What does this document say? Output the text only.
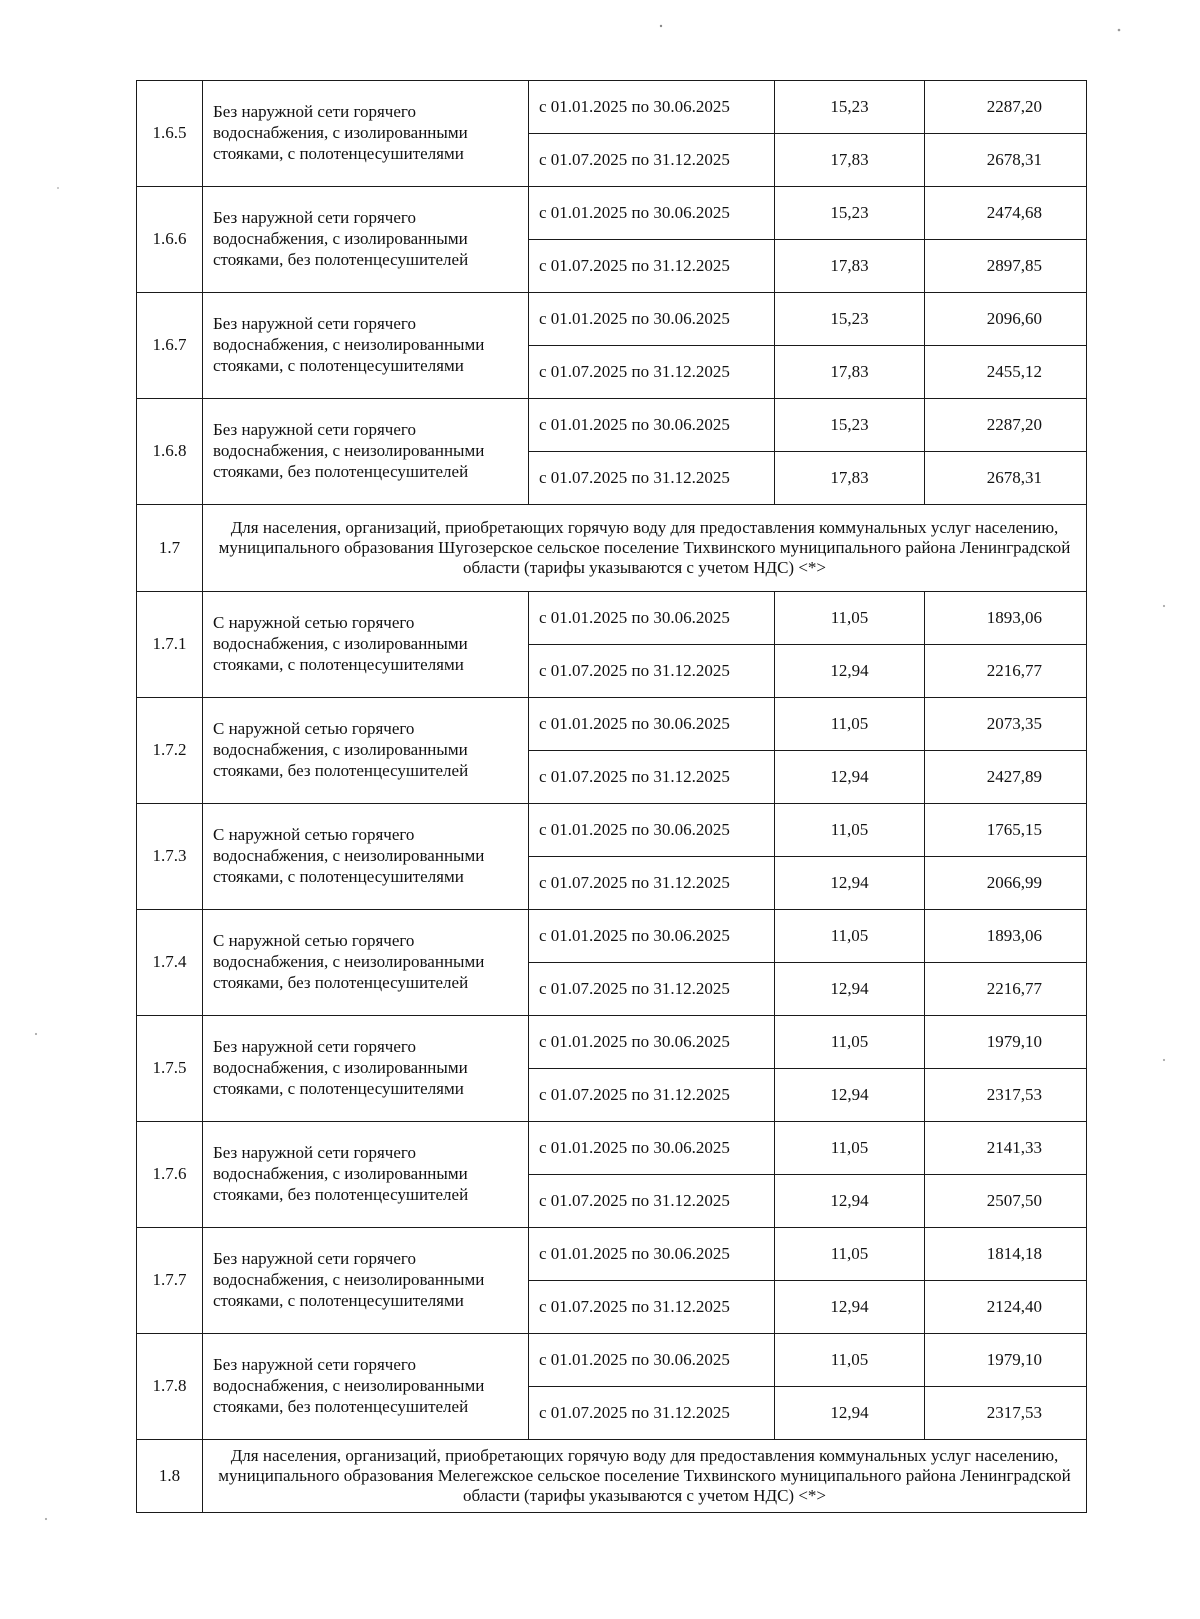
1.6.5	Без наружной сети горячего водоснабжения, с изолированными стояками, с полотенцесушителями	с 01.01.2025 по 30.06.2025	15,23	2287,20
		с 01.07.2025 по 31.12.2025	17,83	2678,31
1.6.6	Без наружной сети горячего водоснабжения, с изолированными стояками, без полотенцесушителей	с 01.01.2025 по 30.06.2025	15,23	2474,68
		с 01.07.2025 по 31.12.2025	17,83	2897,85
1.6.7	Без наружной сети горячего водоснабжения, с неизолированными стояками, с полотенцесушителями	с 01.01.2025 по 30.06.2025	15,23	2096,60
		с 01.07.2025 по 31.12.2025	17,83	2455,12
1.6.8	Без наружной сети горячего водоснабжения, с неизолированными стояками, без полотенцесушителей	с 01.01.2025 по 30.06.2025	15,23	2287,20
		с 01.07.2025 по 31.12.2025	17,83	2678,31
1.7	Для населения, организаций, приобретающих горячую воду для предоставления коммунальных услуг населению, муниципального образования Шугозерское сельское поселение Тихвинского муниципального района Ленинградской области (тарифы указываются с учетом НДС) <*>			
1.7.1	С наружной сетью горячего водоснабжения, с изолированными стояками, с полотенцесушителями	с 01.01.2025 по 30.06.2025	11,05	1893,06
		с 01.07.2025 по 31.12.2025	12,94	2216,77
1.7.2	С наружной сетью горячего водоснабжения, с изолированными стояками, без полотенцесушителей	с 01.01.2025 по 30.06.2025	11,05	2073,35
		с 01.07.2025 по 31.12.2025	12,94	2427,89
1.7.3	С наружной сетью горячего водоснабжения, с неизолированными стояками, с полотенцесушителями	с 01.01.2025 по 30.06.2025	11,05	1765,15
		с 01.07.2025 по 31.12.2025	12,94	2066,99
1.7.4	С наружной сетью горячего водоснабжения, с неизолированными стояками, без полотенцесушителей	с 01.01.2025 по 30.06.2025	11,05	1893,06
		с 01.07.2025 по 31.12.2025	12,94	2216,77
1.7.5	Без наружной сети горячего водоснабжения, с изолированными стояками, с полотенцесушителями	с 01.01.2025 по 30.06.2025	11,05	1979,10
		с 01.07.2025 по 31.12.2025	12,94	2317,53
1.7.6	Без наружной сети горячего водоснабжения, с изолированными стояками, без полотенцесушителей	с 01.01.2025 по 30.06.2025	11,05	2141,33
		с 01.07.2025 по 31.12.2025	12,94	2507,50
1.7.7	Без наружной сети горячего водоснабжения, с неизолированными стояками, с полотенцесушителями	с 01.01.2025 по 30.06.2025	11,05	1814,18
		с 01.07.2025 по 31.12.2025	12,94	2124,40
1.7.8	Без наружной сети горячего водоснабжения, с неизолированными стояками, без полотенцесушителей	с 01.01.2025 по 30.06.2025	11,05	1979,10
		с 01.07.2025 по 31.12.2025	12,94	2317,53
1.8	Для населения, организаций, приобретающих горячую воду для предоставления коммунальных услуг населению, муниципального образования Мелегежское сельское поселение Тихвинского муниципального района Ленинградской области (тарифы указываются с учетом НДС) <*>			
